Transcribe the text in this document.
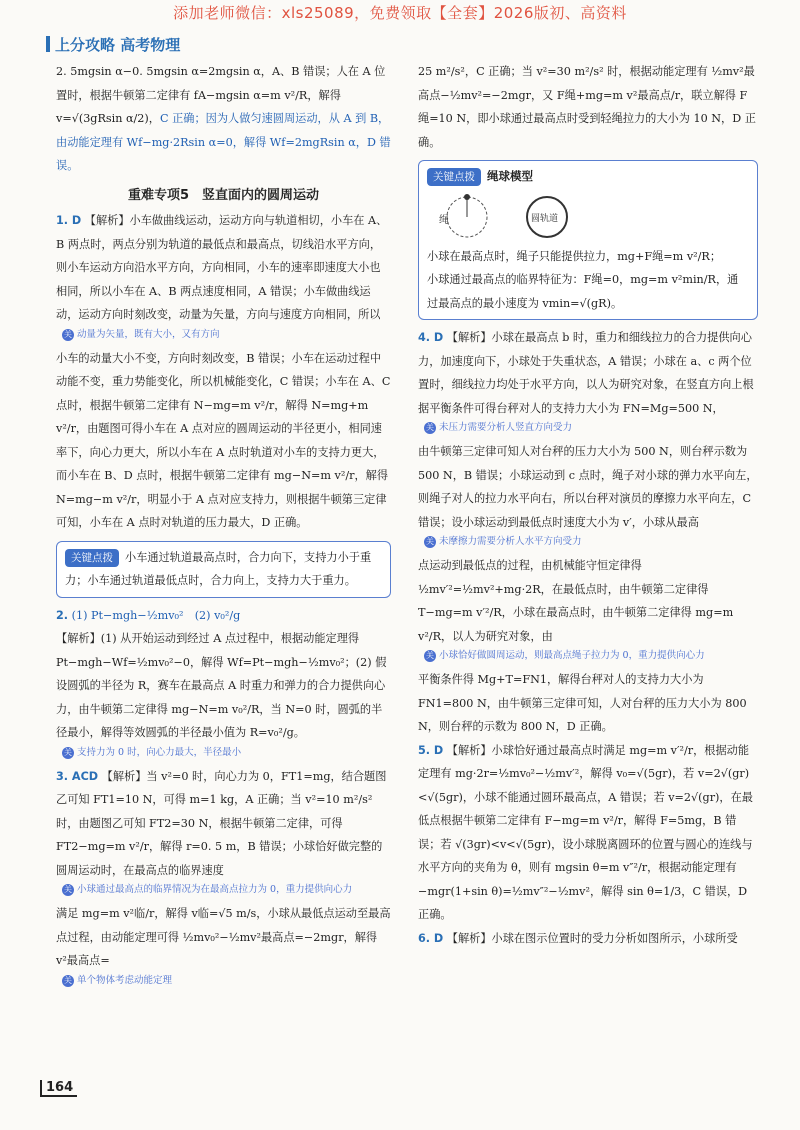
添加老师微信：xls25089，免费领取【全套】2026版初、高资料
上分攻略 高考物理

2. 5mgsin α−0. 5mgsin α=2mgsin α，A、B 错误；人在 A 位置时，根据牛顿第二定律有 fA−mgsin α=m v²/R，解得 v=√(3gRsin α/2)，C 正确；因为人做匀速圆周运动，从 A 到 B，由动能定理有 Wf−mg·2Rsin α=0，解得 Wf=2mgRsin α，D 错误。

重难专项5　竖直面内的圆周运动

1. D 【解析】小车做曲线运动，运动方向与轨道相切，小车在 A、B 两点时，两点分别为轨道的最低点和最高点，切线沿水平方向，则小车运动方向沿水平方向，方向相同，小车的速率即速度大小也相同，所以小车在 A、B 两点速度相同，A 错误；小车做曲线运动，运动方向时刻改变，动量为矢量，方向与速度方向相同，所以

关 动量为矢量，既有大小，又有方向

小车的动量大小不变，方向时刻改变，B 错误；小车在运动过程中动能不变，重力势能变化，所以机械能变化，C 错误；小车在 A、C 点时，根据牛顿第二定律有 N−mg=m v²/r，解得 N=mg+m v²/r，由题图可得小车在 A 点对应的圆周运动的半径更小，相同速率下，向心力更大，所以小车在 A 点时轨道对小车的支持力更大，而小车在 B、D 点时，根据牛顿第二定律有 mg−N=m v²/r，解得 N=mg−m v²/r，明显小于 A 点对应支持力，则根据牛顿第三定律可知，小车在 A 点时对轨道的压力最大，D 正确。

关键点拨 小车通过轨道最高点时，合力向下，支持力小于重力；小车通过轨道最低点时，合力向上，支持力大于重力。

2. (1) Pt−mgh−½mv₀²　(2) v₀²/g

【解析】(1) 从开始运动到经过 A 点过程中，根据动能定理得 Pt−mgh−Wf=½mv₀²−0，解得 Wf=Pt−mgh−½mv₀²；(2) 假设圆弧的半径为 R，赛车在最高点 A 时重力和弹力的合力提供向心力，由牛顿第二定律得 mg−N=m v₀²/R，当 N=0 时，圆弧的半径最小，解得等效圆弧的半径最小值为 R=v₀²/g。

关 支持力为 0 时，向心力最大，半径最小

3. ACD 【解析】当 v²=0 时，向心力为 0，FT1=mg，结合题图乙可知 FT1=10 N，可得 m=1 kg，A 正确；当 v²=10 m²/s² 时，由题图乙可知 FT2=30 N，根据牛顿第二定律，可得 FT2−mg=m v²/r，解得 r=0. 5 m，B 错误；小球恰好做完整的圆周运动时，在最高点的临界速度

关 小球通过最高点的临界情况为在最高点拉力为 0，重力提供向心力

满足 mg=m v²临/r，解得 v临=√5 m/s，小球从最低点运动至最高点过程，由动能定理可得 ½mv₀²−½mv²最高点=−2mgr，解得 v²最高点=

关 单个物体考虑动能定理

25 m²/s²，C 正确；当 v²=30 m²/s² 时，根据动能定理有 ½mv²最高点−½mv²=−2mgr，又 F绳+mg=m v²最高点/r，联立解得 F绳=10 N，即小球通过最高点时受到轻绳拉力的大小为 10 N，D 正确。

关键点拨 绳球模型
绳	圆轨道

小球在最高点时，绳子只能提供拉力，mg+F绳=m v²/R；

小球通过最高点的临界特征为：F绳=0，mg=m v²min/R，通过最高点的最小速度为 vmin=√(gR)。

4. D 【解析】小球在最高点 b 时，重力和细线拉力的合力提供向心力，加速度向下，小球处于失重状态，A 错误；小球在 a、c 两个位置时，细线拉力均处于水平方向，以人为研究对象，在竖直方向上根据平衡条件可得台秤对人的支持力大小为 FN=Mg=500 N，

关 未压力需要分析人竖直方向受力

由牛顿第三定律可知人对台秤的压力大小为 500 N，则台秤示数为 500 N，B 错误；小球运动到 c 点时，绳子对小球的弹力水平向左，则绳子对人的拉力水平向右，所以台秤对演员的摩擦力水平向左，C 错误；设小球运动到最低点时速度大小为 v′，小球从最高

关 未摩擦力需要分析人水平方向受力

点运动到最低点的过程，由机械能守恒定律得 ½mv′²=½mv²+mg·2R，在最低点时，由牛顿第二定律得 T−mg=m v′²/R，小球在最高点时，由牛顿第二定律得 mg=m v²/R，以人为研究对象，由

关 小球恰好做圆周运动，则最高点绳子拉力为 0，重力提供向心力

平衡条件得 Mg+T=FN1，解得台秤对人的支持力大小为 FN1=800 N，由牛顿第三定律可知，人对台秤的压力大小为 800 N，则台秤的示数为 800 N，D 正确。

5. D 【解析】小球恰好通过最高点时满足 mg=m v′²/r，根据动能定理有 mg·2r=½mv₀²−½mv′²，解得 v₀=√(5gr)，若 v=2√(gr)<√(5gr)，小球不能通过圆环最高点，A 错误；若 v=2√(gr)，在最低点根据牛顿第二定律有 F−mg=m v²/r，解得 F=5mg，B 错误；若 √(3gr)<v<√(5gr)，设小球脱离圆环的位置与圆心的连线与水平方向的夹角为 θ，则有 mgsin θ=m v″²/r，根据动能定理有 −mgr(1+sin θ)=½mv″²−½mv²，解得 sin θ=1/3，C 错误，D 正确。

6. D 【解析】小球在图示位置时的受力分析如图所示，小球所受

164
